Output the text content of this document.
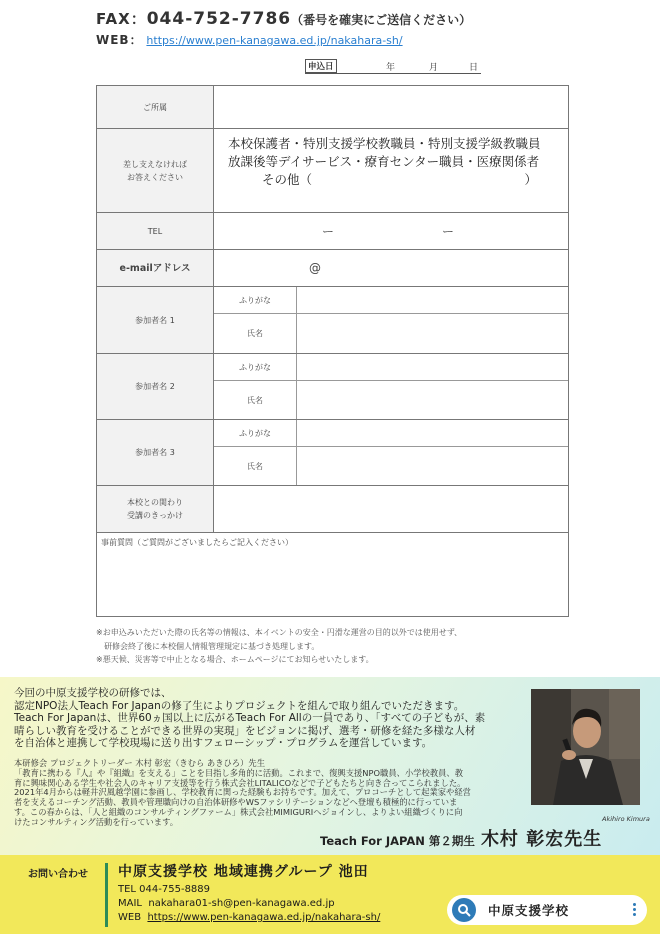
FAX：044-752-7786（番号を確実にご送信ください）
WEB： https://www.pen-kanagawa.ed.jp/nakahara-sh/
申込日	年	月	日
ご所属
差し支えなければ
お答えください
本校保護者・特別支援学校教職員・特別支援学級教職員
放課後等デイサービス・療育センター職員・医療関係者
その他（　　　　　　　　　　　　　　　　　）
TEL	ー	ー
e-mailアドレス	@
参加者名 1
ふりがな
氏名
参加者名 2
ふりがな
氏名
参加者名 3
ふりがな
氏名
本校との関わり
受講のきっかけ
事前質問（ご質問がございましたらご記入ください）

※お申込みいただいた際の氏名等の情報は、本イベントの安全・円滑な運営の目的以外では使用せず、

　研修会終了後に本校個人情報管理規定に基づき処理します。

※悪天候、災害等で中止となる場合、ホームページにてお知らせいたします。

今回の中原支援学校の研修では、

認定NPO法人Teach For Japanの修了生によりプロジェクトを組んで取り組んでいただきます。

Teach For Japanは、世界60ヵ国以上に広がるTeach For Allの一員であり、「すべての子どもが、素

晴らしい教育を受けることができる世界の実現」をビジョンに掲げ、選考・研修を経た多様な人材

を自治体と連携して学校現場に送り出すフェローシップ・プログラムを運営しています。

本研修会 プロジェクトリーダー 木村 彰宏（きむら あきひろ）先生

「教育に携わる『人』や『組織』を支える」ことを目指し多角的に活動。これまで、復興支援NPO職員、小学校教員、教

育に興味関心ある学生や社会人のキャリア支援等を行う株式会社LITALICOなどで子どもたちと向き合ってこられました。

2021年4月からは軽井沢風越学園に参画し、学校教育に関った経験もお持ちです。加えて、プロコーチとして起業家や経営

者を支えるコーチング活動、教員や管理職向けの自治体研修やWSファシリテーションなどへ登壇も積極的に行っていま

す。この春からは、「人と組織のコンサルティングファーム」株式会社MIMIGURIへジョインし、よりよい組織づくりに向

けたコンサルティング活動を行っています。	Akihiro Kimura
Teach For JAPAN 第２期生 木村 彰宏先生
お問い合わせ 中原支援学校 地域連携グループ 池田
TEL 044-755-8889
MAIL nakahara01-sh@pen-kanagawa.ed.jp
WEB https://www.pen-kanagawa.ed.jp/nakahara-sh/	中原支援学校
